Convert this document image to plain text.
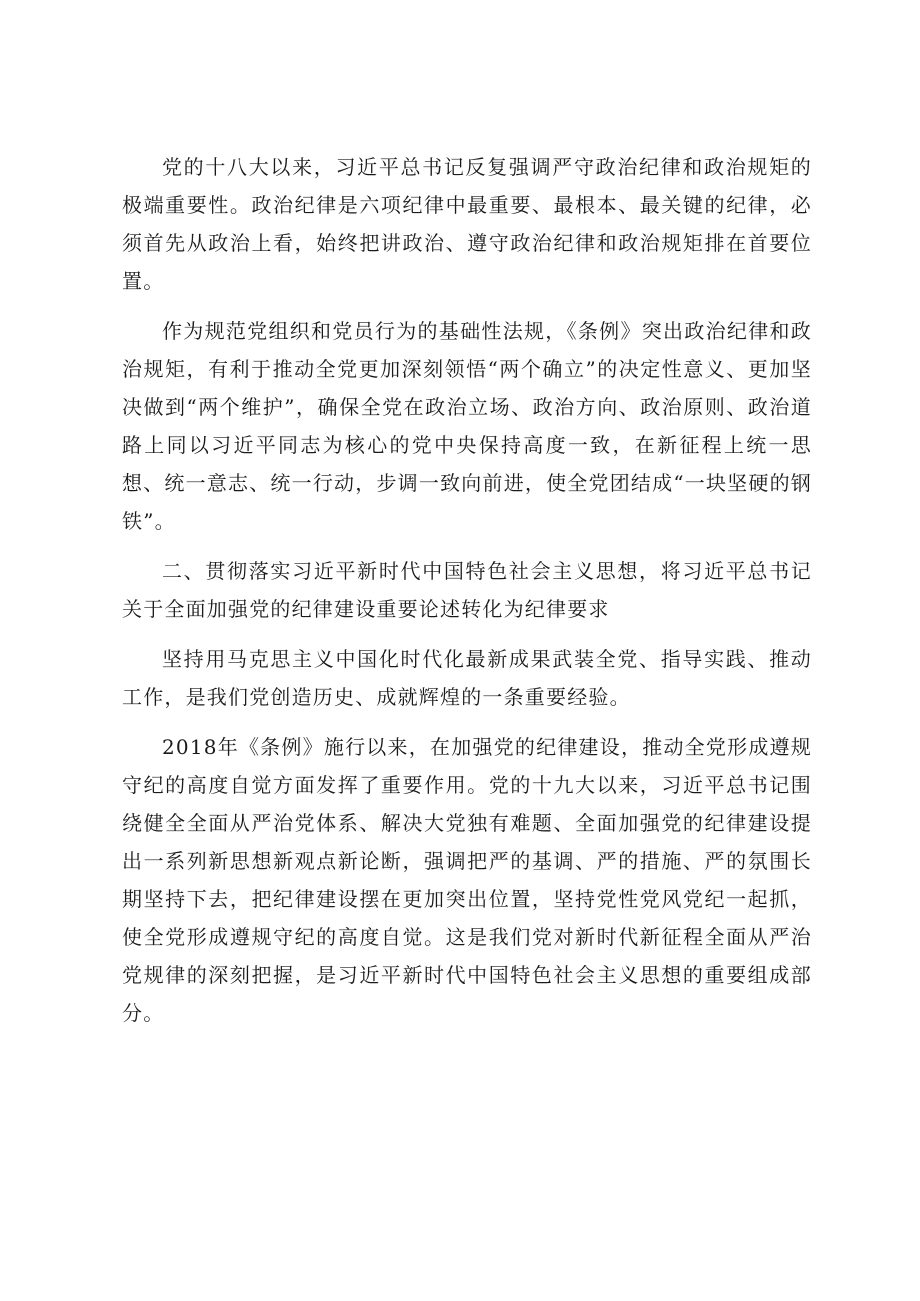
党的十八大以来，习近平总书记反复强调严守政治纪律和政治规矩的极端重要性。政治纪律是六项纪律中最重要、最根本、最关键的纪律，必须首先从政治上看，始终把讲政治、遵守政治纪律和政治规矩排在首要位置。

作为规范党组织和党员行为的基础性法规，《条例》突出政治纪律和政治规矩，有利于推动全党更加深刻领悟“两个确立”的决定性意义、更加坚决做到“两个维护”，确保全党在政治立场、政治方向、政治原则、政治道路上同以习近平同志为核心的党中央保持高度一致，在新征程上统一思想、统一意志、统一行动，步调一致向前进，使全党团结成“一块坚硬的钢铁”。

二、贯彻落实习近平新时代中国特色社会主义思想，将习近平总书记关于全面加强党的纪律建设重要论述转化为纪律要求

坚持用马克思主义中国化时代化最新成果武装全党、指导实践、推动工作，是我们党创造历史、成就辉煌的一条重要经验。

2018年《条例》施行以来，在加强党的纪律建设，推动全党形成遵规守纪的高度自觉方面发挥了重要作用。党的十九大以来，习近平总书记围绕健全全面从严治党体系、解决大党独有难题、全面加强党的纪律建设提出一系列新思想新观点新论断，强调把严的基调、严的措施、严的氛围长期坚持下去，把纪律建设摆在更加突出位置，坚持党性党风党纪一起抓，使全党形成遵规守纪的高度自觉。这是我们党对新时代新征程全面从严治党规律的深刻把握，是习近平新时代中国特色社会主义思想的重要组成部分。
